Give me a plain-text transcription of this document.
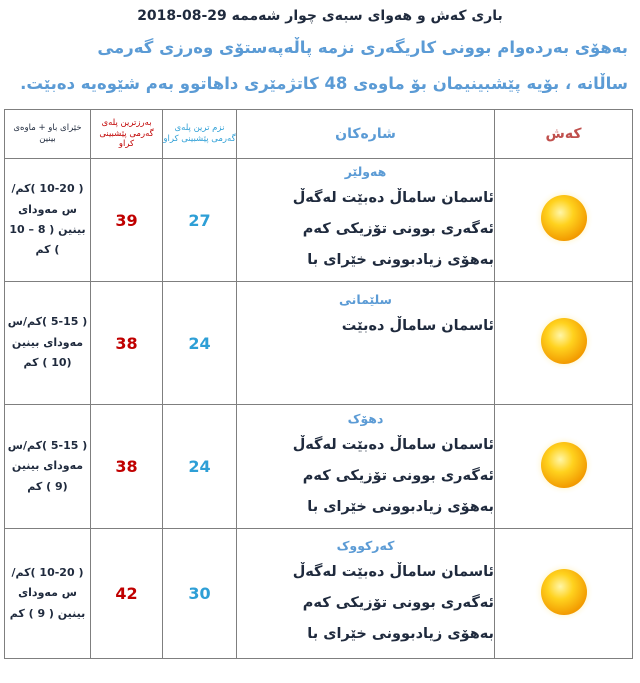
باری کەش و هەوای سبەی چوار شەممە 29-08-2018
بەهۆی بەردەوام بوونی کاریگەری نزمە پاڵەپەستۆی وەرزی گەرمی
ساڵانە ، بۆیە پێشبینیمان بۆ ماوەی 48 کاتژمێری داهاتوو بەم شێوەیە دەبێت.
خێرای باو + ماوەی بینین	بەرزترین پلەی گەرمی پێشبینی کراو	نزم ترین پلەی گەرمی پێشبینی کراو	شارەکان	کەش
( 10-20 )کم/س مەودای بینین ( 8 – 10 ) کم	39	27	هەولێر
ئاسمان ساماڵ دەبێت لەگەڵ
ئەگەری بوونی تۆزیکی کەم
بەهۆی زیادبوونی خێرای با

( 5-15 )کم/س مەودای بینین (10 ) کم	38	24	سلێمانی
ئاسمان ساماڵ دەبێت

( 5-15 )کم/س مەودای بینین (9 ) کم	38	24	دهۆک
ئاسمان ساماڵ دەبێت لەگەڵ
ئەگەری بوونی تۆزیکی کەم
بەهۆی زیادبوونی خێرای با

( 10-20 )کم/س مەودای بینین ( 9 ) کم	42	30	کەرکووک
ئاسمان ساماڵ دەبێت لەگەڵ
ئەگەری بوونی تۆزیکی کەم
بەهۆی زیادبوونی خێرای با
